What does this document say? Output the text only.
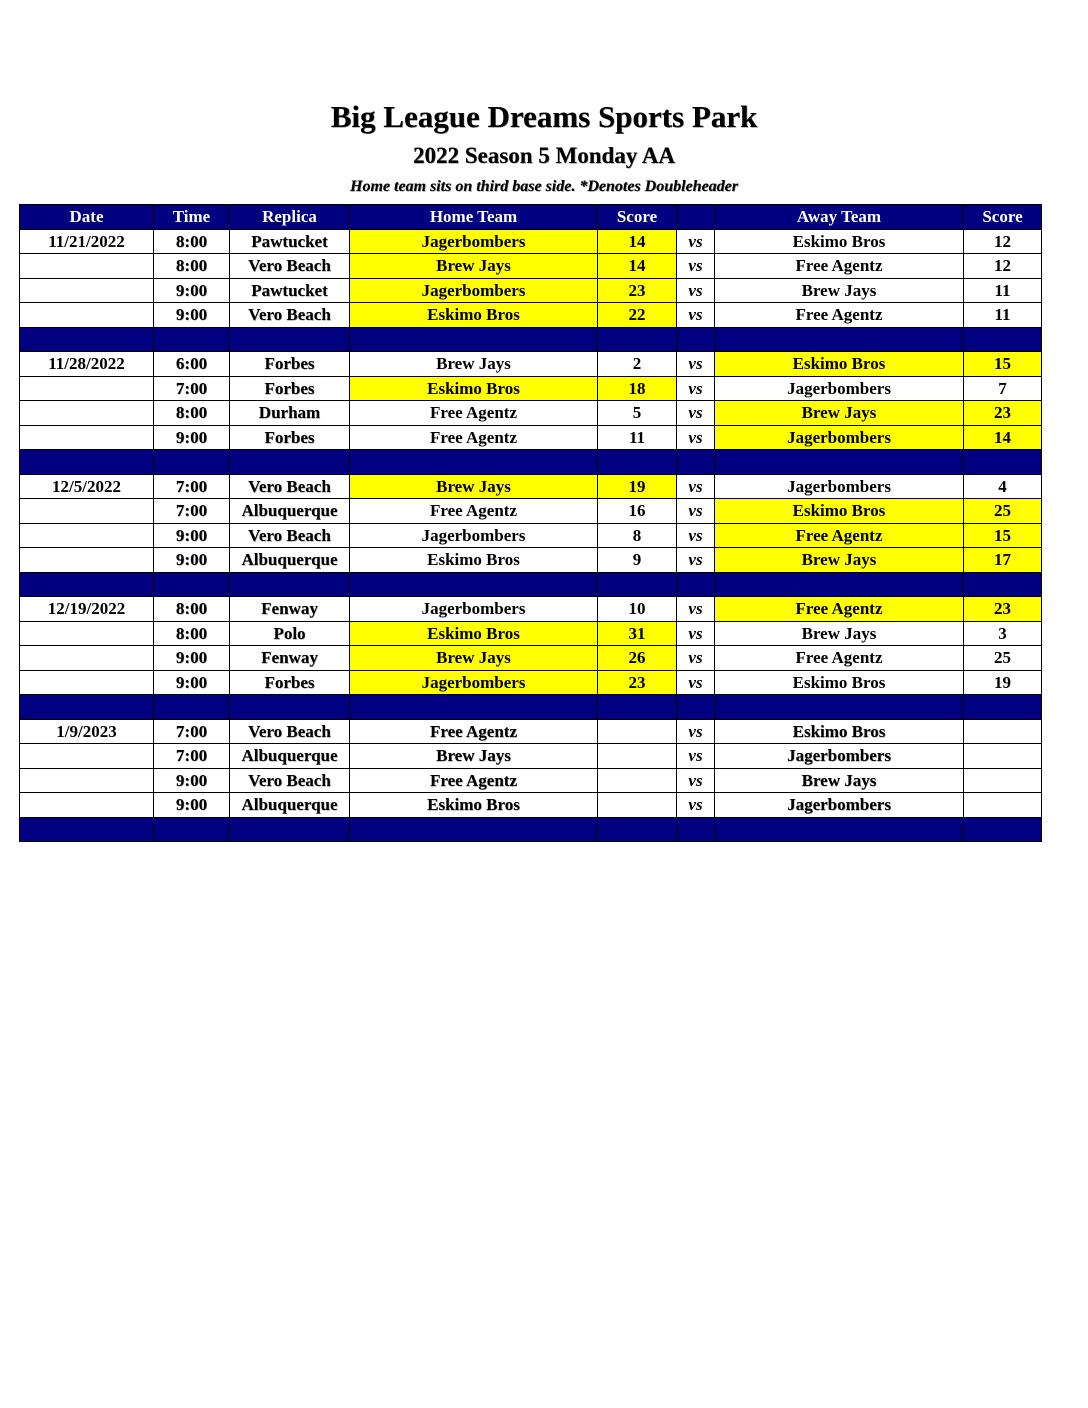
Big League Dreams Sports Park
2022 Season 5 Monday AA
Home team sits on third base side. *Denotes Doubleheader
Date	Time	Replica	Home Team	Score		Away Team	Score
11/21/2022	8:00	Pawtucket	Jagerbombers	14	vs	Eskimo Bros	12
	8:00	Vero Beach	Brew Jays	14	vs	Free Agentz	12
	9:00	Pawtucket	Jagerbombers	23	vs	Brew Jays	11
	9:00	Vero Beach	Eskimo Bros	22	vs	Free Agentz	11

11/28/2022	6:00	Forbes	Brew Jays	2	vs	Eskimo Bros	15
	7:00	Forbes	Eskimo Bros	18	vs	Jagerbombers	7
	8:00	Durham	Free Agentz	5	vs	Brew Jays	23
	9:00	Forbes	Free Agentz	11	vs	Jagerbombers	14

12/5/2022	7:00	Vero Beach	Brew Jays	19	vs	Jagerbombers	4
	7:00	Albuquerque	Free Agentz	16	vs	Eskimo Bros	25
	9:00	Vero Beach	Jagerbombers	8	vs	Free Agentz	15
	9:00	Albuquerque	Eskimo Bros	9	vs	Brew Jays	17

12/19/2022	8:00	Fenway	Jagerbombers	10	vs	Free Agentz	23
	8:00	Polo	Eskimo Bros	31	vs	Brew Jays	3
	9:00	Fenway	Brew Jays	26	vs	Free Agentz	25
	9:00	Forbes	Jagerbombers	23	vs	Eskimo Bros	19

1/9/2023	7:00	Vero Beach	Free Agentz		vs	Eskimo Bros	
	7:00	Albuquerque	Brew Jays		vs	Jagerbombers	
	9:00	Vero Beach	Free Agentz		vs	Brew Jays	
	9:00	Albuquerque	Eskimo Bros		vs	Jagerbombers	
